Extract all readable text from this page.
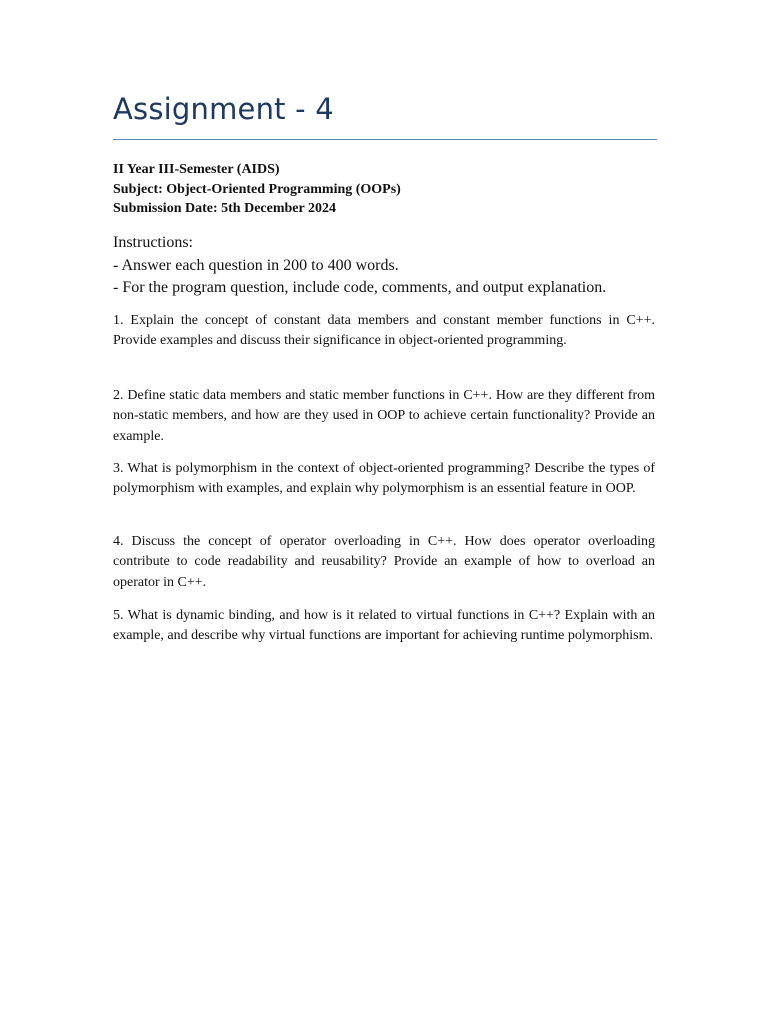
Assignment - 4
II Year III-Semester (AIDS)
Subject: Object-Oriented Programming (OOPs)
Submission Date: 5th December 2024
Instructions:
- Answer each question in 200 to 400 words.
- For the program question, include code, comments, and output explanation.

1. Explain the concept of constant data members and constant member functions in C++. Provide examples and discuss their significance in object-oriented programming.

2. Define static data members and static member functions in C++. How are they different from non-static members, and how are they used in OOP to achieve certain functionality? Provide an example.

3. What is polymorphism in the context of object-oriented programming? Describe the types of polymorphism with examples, and explain why polymorphism is an essential feature in OOP.

4. Discuss the concept of operator overloading in C++. How does operator overloading contribute to code readability and reusability? Provide an example of how to overload an operator in C++.

5. What is dynamic binding, and how is it related to virtual functions in C++? Explain with an example, and describe why virtual functions are important for achieving runtime polymorphism.
